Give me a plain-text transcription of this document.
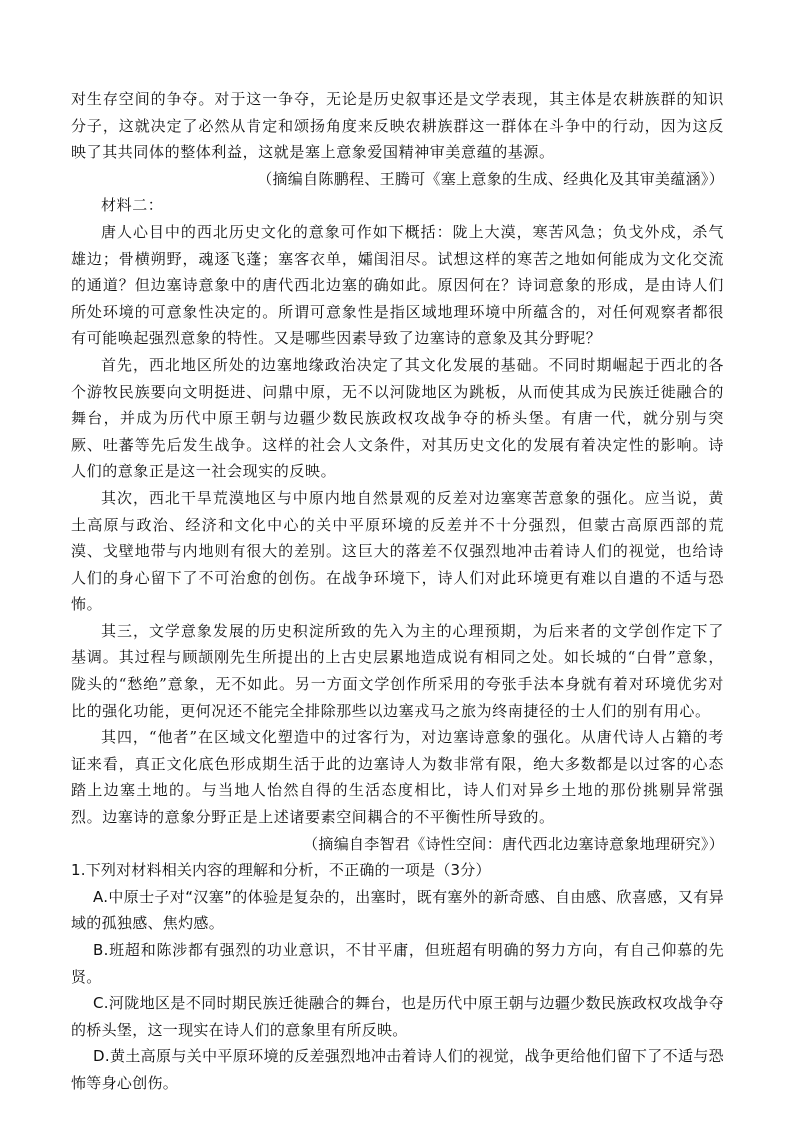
对生存空间的争夺。对于这一争夺，无论是历史叙事还是文学表现，其主体是农耕族群的知识分子，这就决定了必然从肯定和颂扬角度来反映农耕族群这一群体在斗争中的行动，因为这反映了其共同体的整体利益，这就是塞上意象爱国精神审美意蕴的基源。

（摘编自陈鹏程、王腾可《塞上意象的生成、经典化及其审美蕴涵》）

材料二：

唐人心目中的西北历史文化的意象可作如下概括：陇上大漠，寒苦风急；负戈外戍，杀气雄边；骨横朔野，魂逐飞蓬；塞客衣单，孀闺泪尽。试想这样的寒苦之地如何能成为文化交流的通道？但边塞诗意象中的唐代西北边塞的确如此。原因何在？诗词意象的形成，是由诗人们所处环境的可意象性决定的。所谓可意象性是指区域地理环境中所蕴含的，对任何观察者都很有可能唤起强烈意象的特性。又是哪些因素导致了边塞诗的意象及其分野呢？

首先，西北地区所处的边塞地缘政治决定了其文化发展的基础。不同时期崛起于西北的各个游牧民族要向文明挺进、问鼎中原，无不以河陇地区为跳板，从而使其成为民族迁徙融合的舞台，并成为历代中原王朝与边疆少数民族政权攻战争夺的桥头堡。有唐一代，就分别与突厥、吐蕃等先后发生战争。这样的社会人文条件，对其历史文化的发展有着决定性的影响。诗人们的意象正是这一社会现实的反映。

其次，西北干旱荒漠地区与中原内地自然景观的反差对边塞寒苦意象的强化。应当说，黄土高原与政治、经济和文化中心的关中平原环境的反差并不十分强烈，但蒙古高原西部的荒漠、戈壁地带与内地则有很大的差别。这巨大的落差不仅强烈地冲击着诗人们的视觉，也给诗人们的身心留下了不可治愈的创伤。在战争环境下，诗人们对此环境更有难以自遣的不适与恐怖。

其三，文学意象发展的历史积淀所致的先入为主的心理预期，为后来者的文学创作定下了基调。其过程与顾颉刚先生所提出的上古史层累地造成说有相同之处。如长城的“白骨”意象，陇头的“愁绝”意象，无不如此。另一方面文学创作所采用的夸张手法本身就有着对环境优劣对比的强化功能，更何况还不能完全排除那些以边塞戎马之旅为终南捷径的士人们的别有用心。

其四，“他者”在区域文化塑造中的过客行为，对边塞诗意象的强化。从唐代诗人占籍的考证来看，真正文化底色形成期生活于此的边塞诗人为数非常有限，绝大多数都是以过客的心态踏上边塞土地的。与当地人怡然自得的生活态度相比，诗人们对异乡土地的那份挑剔异常强烈。边塞诗的意象分野正是上述诸要素空间耦合的不平衡性所导致的。

（摘编自李智君《诗性空间：唐代西北边塞诗意象地理研究》）

1.下列对材料相关内容的理解和分析，不正确的一项是（3分）

A.中原士子对“汉塞”的体验是复杂的，出塞时，既有塞外的新奇感、自由感、欣喜感，又有异域的孤独感、焦灼感。

B.班超和陈涉都有强烈的功业意识，不甘平庸，但班超有明确的努力方向，有自己仰慕的先贤。

C.河陇地区是不同时期民族迁徙融合的舞台，也是历代中原王朝与边疆少数民族政权攻战争夺的桥头堡，这一现实在诗人们的意象里有所反映。

D.黄土高原与关中平原环境的反差强烈地冲击着诗人们的视觉，战争更给他们留下了不适与恐怖等身心创伤。
